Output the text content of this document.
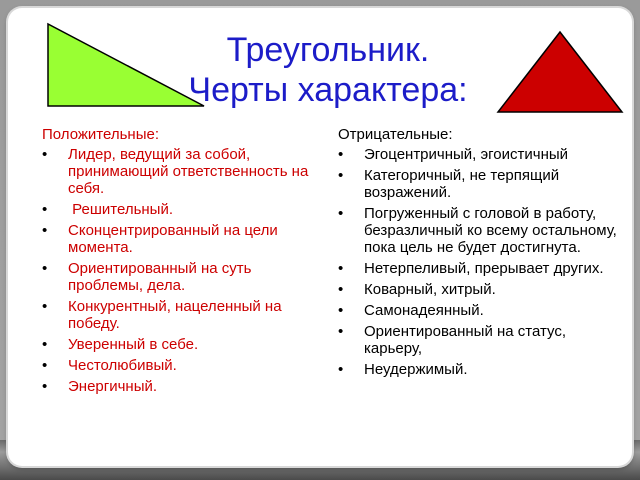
Треугольник.
Черты характера:
Положительные:
• Лидер, ведущий за собой, принимающий ответственность на себя.
• Решительный.
• Сконцентрированный на цели момента.
• Ориентированный на суть проблемы, дела.
• Конкурентный, нацеленный на победу.
• Уверенный в себе.
• Честолюбивый.
• Энергичный.
Отрицательные:
• Эгоцентричный, эгоистичный
• Категоричный, не терпящий возражений.
• Погруженный с головой в работу, безразличный ко всему остальному, пока цель не будет достигнута.
• Нетерпеливый, прерывает других.
• Коварный, хитрый.
• Самонадеянный.
• Ориентированный на статус, карьеру,
• Неудержимый.
